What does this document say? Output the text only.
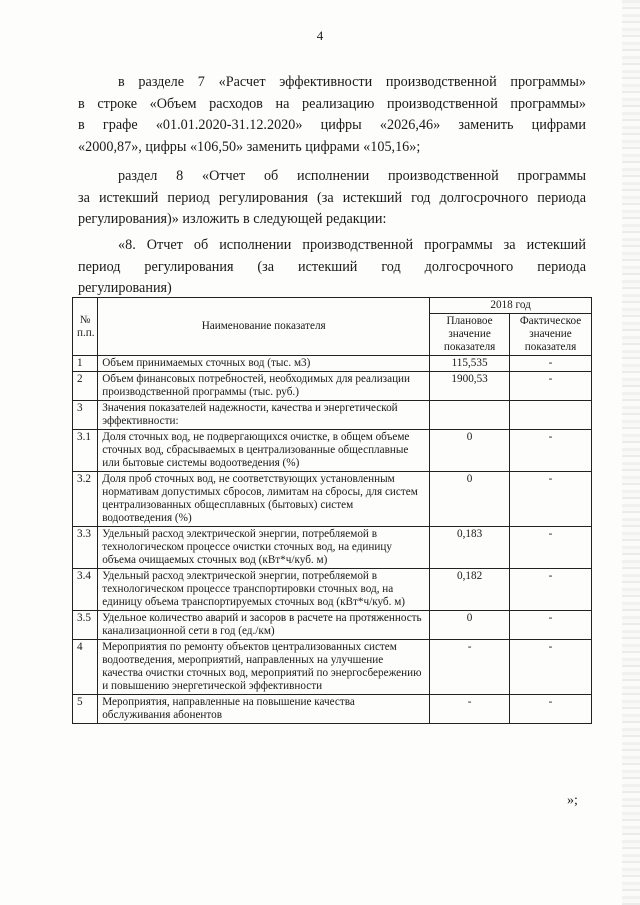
4

в разделе 7 «Расчет эффективности производственной программы»
в строке «Объем расходов на реализацию производственной программы»
в графе «01.01.2020-31.12.2020» цифры «2026,46» заменить цифрами

«2000,87», цифры «106,50» заменить цифрами «105,16»;

раздел 8 «Отчет об исполнении производственной программы
за истекший период регулирования (за истекший год долгосрочного периода

регулирования)» изложить в следующей редакции:

«8. Отчет об исполнении производственной программы за истекший
период регулирования (за истекший год долгосрочного периода

регулирования)

№ п.п.	Наименование показателя	2018 год	
		Плановое значение показателя	Фактическое значение показателя
1	Объем принимаемых сточных вод (тыс. м3)	115,535	-
2	Объем финансовых потребностей, необходимых для реализации производственной программы (тыс. руб.)	1900,53	-
3	Значения показателей надежности, качества и энергетической эффективности:		
3.1	Доля сточных вод, не подвергающихся очистке, в общем объеме сточных вод, сбрасываемых в централизованные общесплавные или бытовые системы водоотведения (%)	0	-
3.2	Доля проб сточных вод, не соответствующих установленным нормативам допустимых сбросов, лимитам на сбросы, для систем централизованных общесплавных (бытовых) систем водоотведения (%)	0	-
3.3	Удельный расход электрической энергии, потребляемой в технологическом процессе очистки сточных вод, на единицу объема очищаемых сточных вод (кВт*ч/куб. м)	0,183	-
3.4	Удельный расход электрической энергии, потребляемой в технологическом процессе транспортировки сточных вод, на единицу объема транспортируемых сточных вод (кВт*ч/куб. м)	0,182	-
3.5	Удельное количество аварий и засоров в расчете на протяженность канализационной сети в год (ед./км)	0	-
4	Мероприятия по ремонту объектов централизованных систем водоотведения, мероприятий, направленных на улучшение качества очистки сточных вод, мероприятий по энергосбережению и повышению энергетической эффективности	-	-
5	Мероприятия, направленные на повышение качества обслуживания абонентов	-	-
»;
